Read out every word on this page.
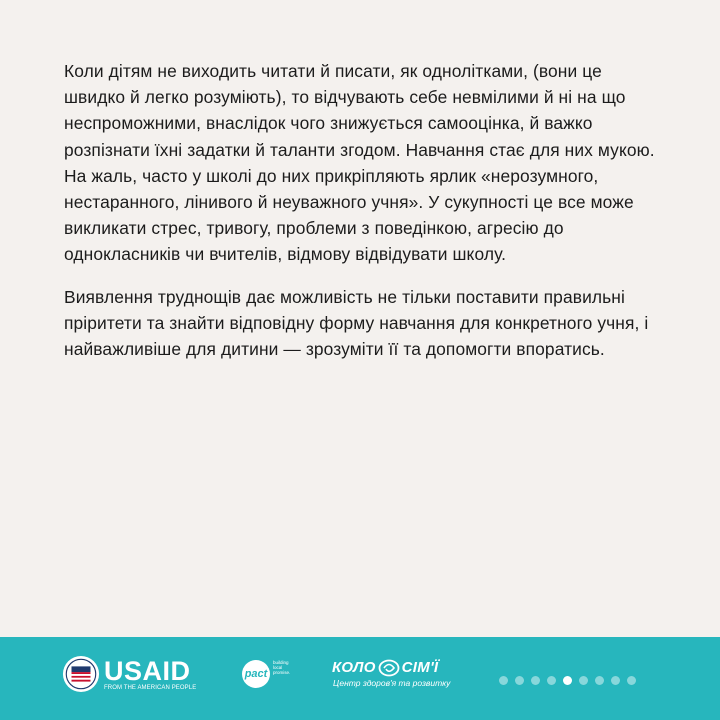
Коли дітям не виходить читати й писати, як однолітками, (вони це швидко й легко розуміють), то відчувають себе невмілими й ні на що неспроможними, внаслідок чого знижується самооцінка, й важко розпізнати їхні задатки й таланти згодом. Навчання стає для них мукою. На жаль, часто у школі до них прикріпляють ярлик «нерозумного, нестаранного, лінивого й неуважного учня». У сукупності це все може викликати стрес, тривогу, проблеми з поведінкою, агресію до однокласників чи вчителів, відмову відвідувати школу.

Виявлення труднощів дає можливість не тільки поставити правильні пріритети та знайти відповідну форму навчання для конкретного учня, і найважливіше для дитини — зрозуміти її та допомогти впоратись.

USAID
FROM THE AMERICAN PEOPLE
pact
building local promise.	КОЛО СІМ'Ї
Центр здоров'я та розвитку
